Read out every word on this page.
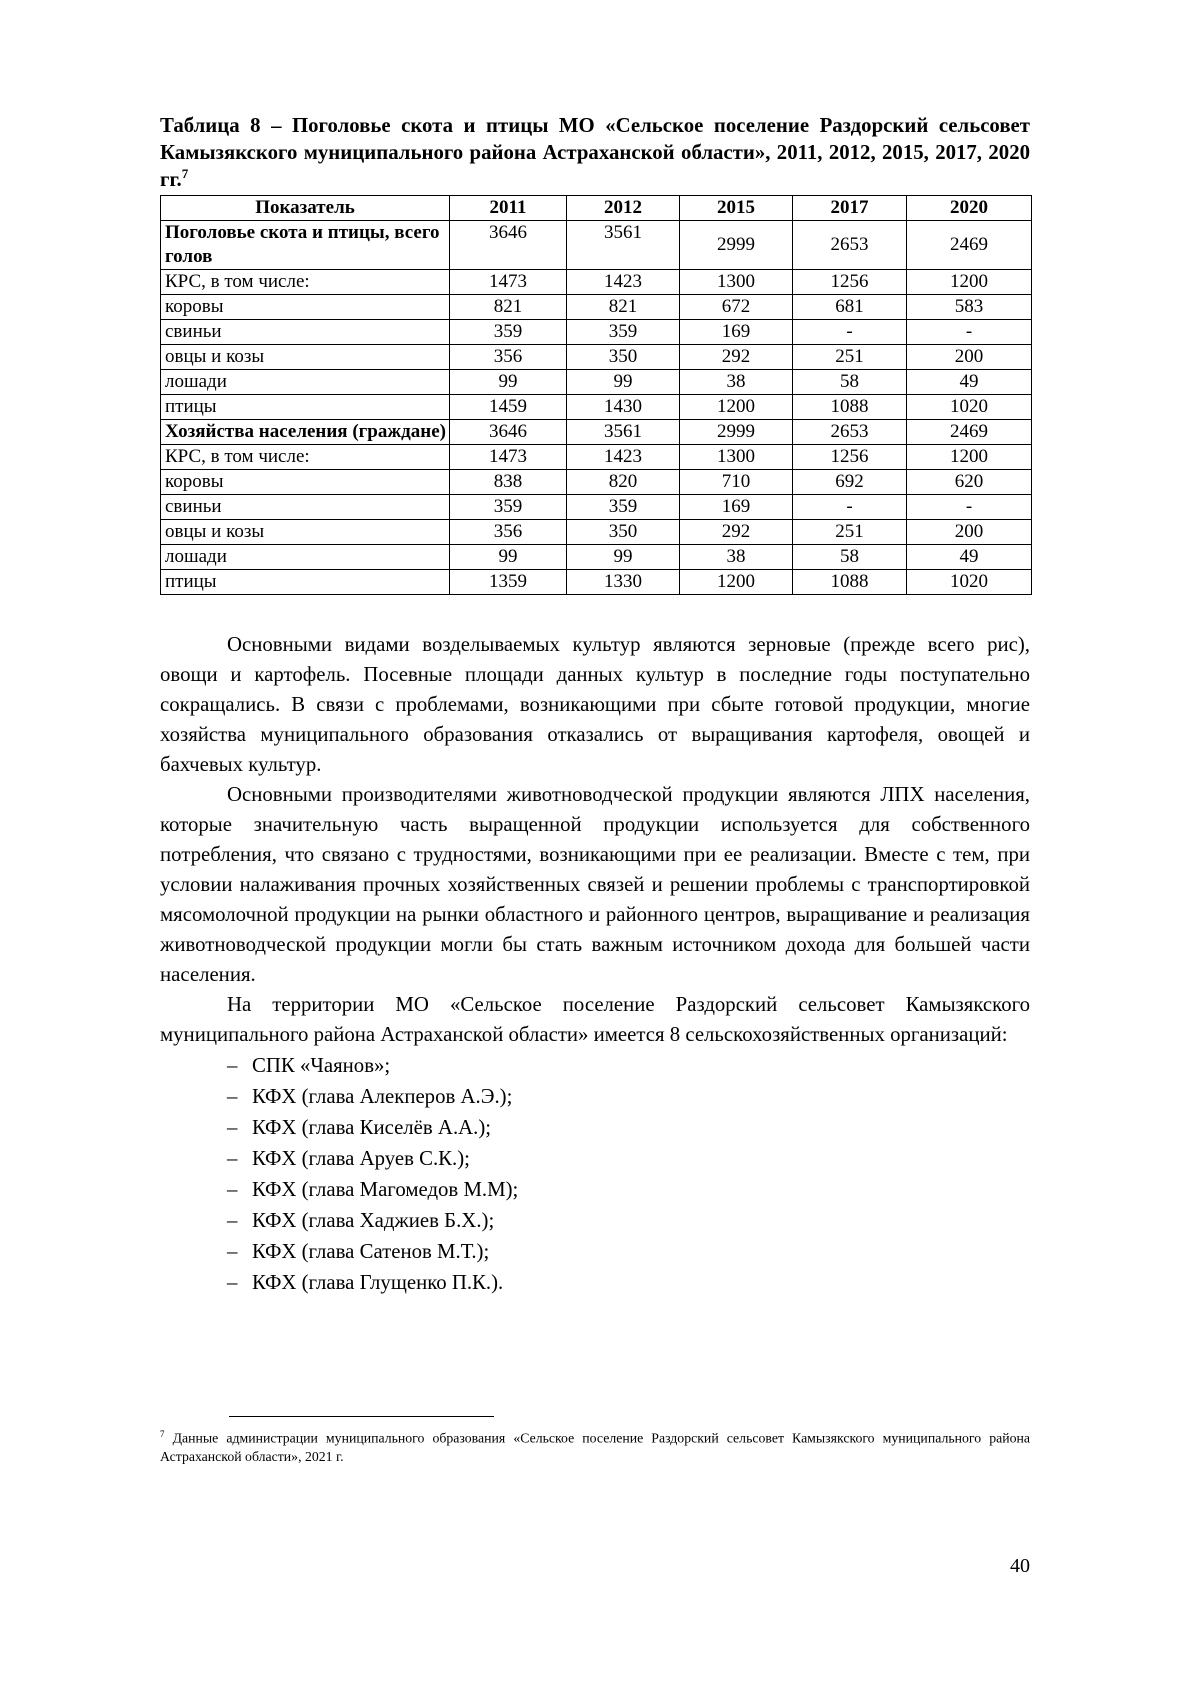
Таблица 8 – Поголовье скота и птицы МО «Сельское поселение Раздорский сельсовет Камызякского муниципального района Астраханской области», 2011, 2012, 2015, 2017, 2020 гг.$^7$
Показатель	2011	2012	2015	2017	2020
Поголовье скота и птицы, всего голов	3646	3561	2999	2653	2469
КРС, в том числе:	1473	1423	1300	1256	1200
коровы	821	821	672	681	583
свиньи	359	359	169	-	-
овцы и козы	356	350	292	251	200
лошади	99	99	38	58	49
птицы	1459	1430	1200	1088	1020
Хозяйства населения (граждане)	3646	3561	2999	2653	2469
КРС, в том числе:	1473	1423	1300	1256	1200
коровы	838	820	710	692	620
свиньи	359	359	169	-	-
овцы и козы	356	350	292	251	200
лошади	99	99	38	58	49
птицы	1359	1330	1200	1088	1020

Основными видами возделываемых культур являются зерновые (прежде всего рис), овощи и картофель. Посевные площади данных культур в последние годы поступательно сокращались. В связи с проблемами, возникающими при сбыте готовой продукции, многие хозяйства муниципального образования отказались от выращивания картофеля, овощей и бахчевых культур.

Основными производителями животноводческой продукции являются ЛПХ населения, которые значительную часть выращенной продукции используется для собственного потребления, что связано с трудностями, возникающими при ее реализации. Вместе с тем, при условии налаживания прочных хозяйственных связей и решении проблемы с транспортировкой мясомолочной продукции на рынки областного и районного центров, выращивание и реализация животноводческой продукции могли бы стать важным источником дохода для большей части населения.

На территории МО «Сельское поселение Раздорский сельсовет Камызякского муниципального района Астраханской области» имеется 8 сельскохозяйственных организаций:

– СПК «Чаянов»;
– КФХ (глава Алекперов А.Э.);
– КФХ (глава Киселёв А.А.);
– КФХ (глава Аруев С.К.);
– КФХ (глава Магомедов М.М);
– КФХ (глава Хаджиев Б.Х.);
– КФХ (глава Сатенов М.Т.);
– КФХ (глава Глущенко П.К.).
$^7$ Данные администрации муниципального образования «Сельское поселение Раздорский сельсовет Камызякского муниципального района Астраханской области», 2021 г.
40
